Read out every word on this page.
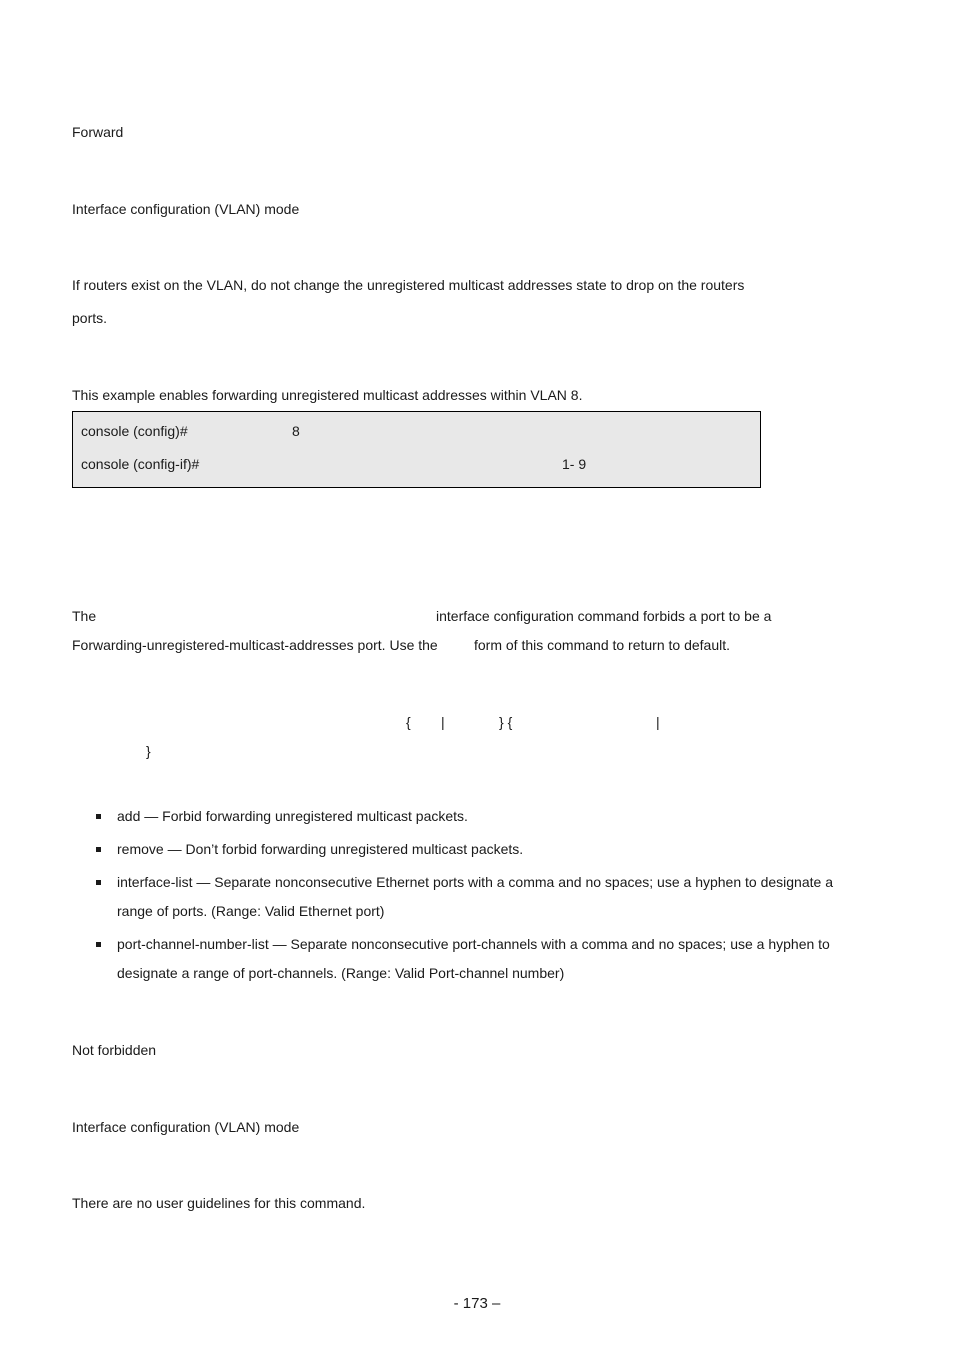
Forward
Interface configuration (VLAN) mode
If routers exist on the VLAN, do not change the unregistered multicast addresses state to drop on the routers
ports.
This example enables forwarding unregistered multicast addresses within VLAN 8.
console (config)#	8
console (config-if)#	1- 9
The	interface configuration command forbids a port to be a
Forwarding-unregistered-multicast-addresses port. Use the	form of this command to return to default.
{ |	} {	|
}
add — Forbid forwarding unregistered multicast packets.
remove — Don’t forbid forwarding unregistered multicast packets.
interface-list — Separate nonconsecutive Ethernet ports with a comma and no spaces; use a hyphen to designate a
range of ports. (Range: Valid Ethernet port)
port-channel-number-list — Separate nonconsecutive port-channels with a comma and no spaces; use a hyphen to
designate a range of port-channels. (Range: Valid Port-channel number)
Not forbidden
Interface configuration (VLAN) mode
There are no user guidelines for this command.
- 173 –
